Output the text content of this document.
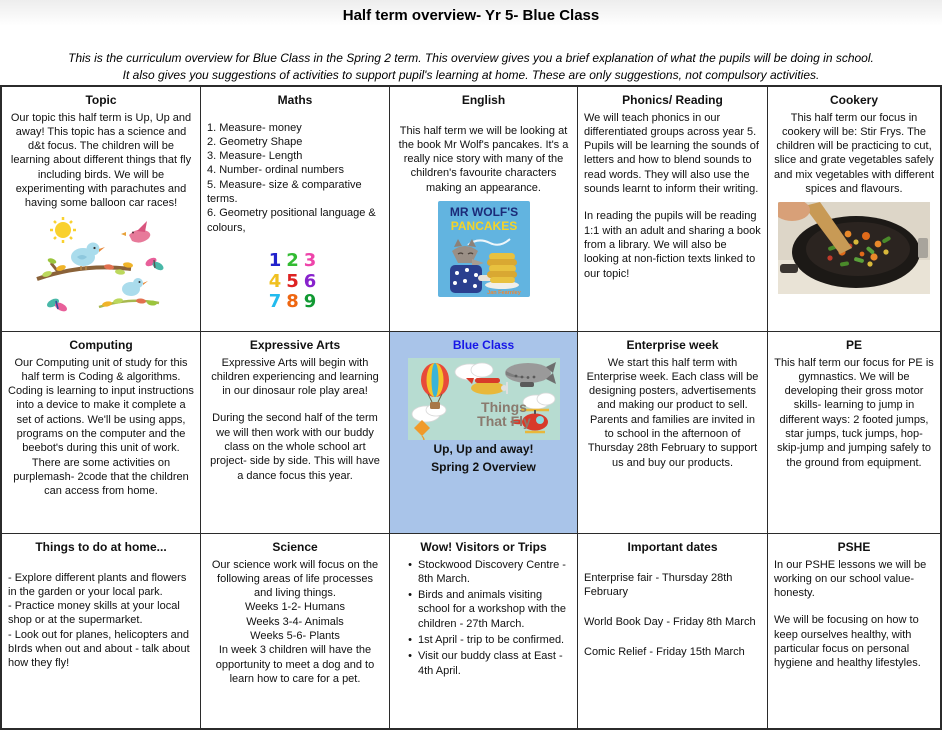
Half term overview- Yr 5- Blue Class
This is the curriculum overview for Blue Class in the Spring 2 term. This overview gives you a brief explanation of what the pupils will be doing in school.
It also gives you suggestions of activities to support pupil's learning at home. These are only suggestions, not compulsory activities.
Topic

Our topic this half term is Up, Up and away! This topic has a science and d&t focus. The children will be learning about different things that fly including birds. We will be experimenting with parachutes and having some balloon car races!

Maths

1. Measure- money

2. Geometry Shape

3. Measure- Length

4. Number- ordinal numbers

5. Measure- size & comparative terms.

6. Geometry positional language & colours,

123
456
789
English

This half term we will be looking at the book Mr Wolf's pancakes. It's a really nice story with many of the children's favourite characters making an appearance.

MR WOLF'S
PANCAKES
Jan Fearnley
Phonics/ Reading

We will teach phonics in our differentiated groups across year 5. Pupils will be learning the sounds of letters and how to blend sounds to read words. They will also use the sounds learnt to inform their writing.

In reading the pupils will be reading 1:1 with an adult and sharing a book from a library. We will also be looking at non-fiction texts linked to our topic!

Cookery

This half term our focus in cookery will be: Stir Frys. The children will be practicing to cut, slice and grate vegetables safely and mix vegetables with different spices and flavours.

Computing

Our Computing unit of study for this half term is Coding & algorithms. Coding is learning to input instructions into a device to make it complete a set of actions. We'll be using apps, programs on the computer and the beebot's during this unit of work. There are some activities on purplemash- 2code that the children can access from home.

Expressive Arts

Expressive Arts will begin with children experiencing and learning in our dinosaur role play area!

During the second half of the term we will then work with our buddy class on the whole school art project- side by side. This will have a dance focus this year.

Blue Class
Things
That Fly
Up, Up and away!
Spring 2 Overview
Enterprise week

We start this half term with Enterprise week. Each class will be designing posters, advertisements and making our product to sell. Parents and families are invited in to school in the afternoon of Thursday 28th February to support us and buy our products.

PE

This half term our focus for PE is gymnastics. We will be developing their gross motor skills- learning to jump in different ways: 2 footed jumps, star jumps, tuck jumps, hop-skip-jump and jumping safely to the ground from equipment.

Things to do at home...

- Explore different plants and flowers in the garden or your local park.

- Practice money skills at your local shop or at the supermarket.

- Look out for planes, helicopters and bIrds when out and about - talk about how they fly!

Science

Our science work will focus on the following areas of life processes and living things.

Weeks 1-2- Humans

Weeks 3-4- Animals

Weeks 5-6- Plants

In week 3 children will have the opportunity to meet a dog and to learn how to care for a pet.

Wow! Visitors or Trips
• Stockwood Discovery Centre - 8th March.
• Birds and animals visiting school for a workshop with the children - 27th March.
• 1st April - trip to be confirmed.
• Visit our buddy class at East - 4th April.
Important dates

Enterprise fair - Thursday 28th February

World Book Day - Friday 8th March

Comic Relief - Friday 15th March

PSHE

In our PSHE lessons we will be working on our school value- honesty.

We will be focusing on how to keep ourselves healthy, with particular focus on personal hygiene and healthy lifestyles.
